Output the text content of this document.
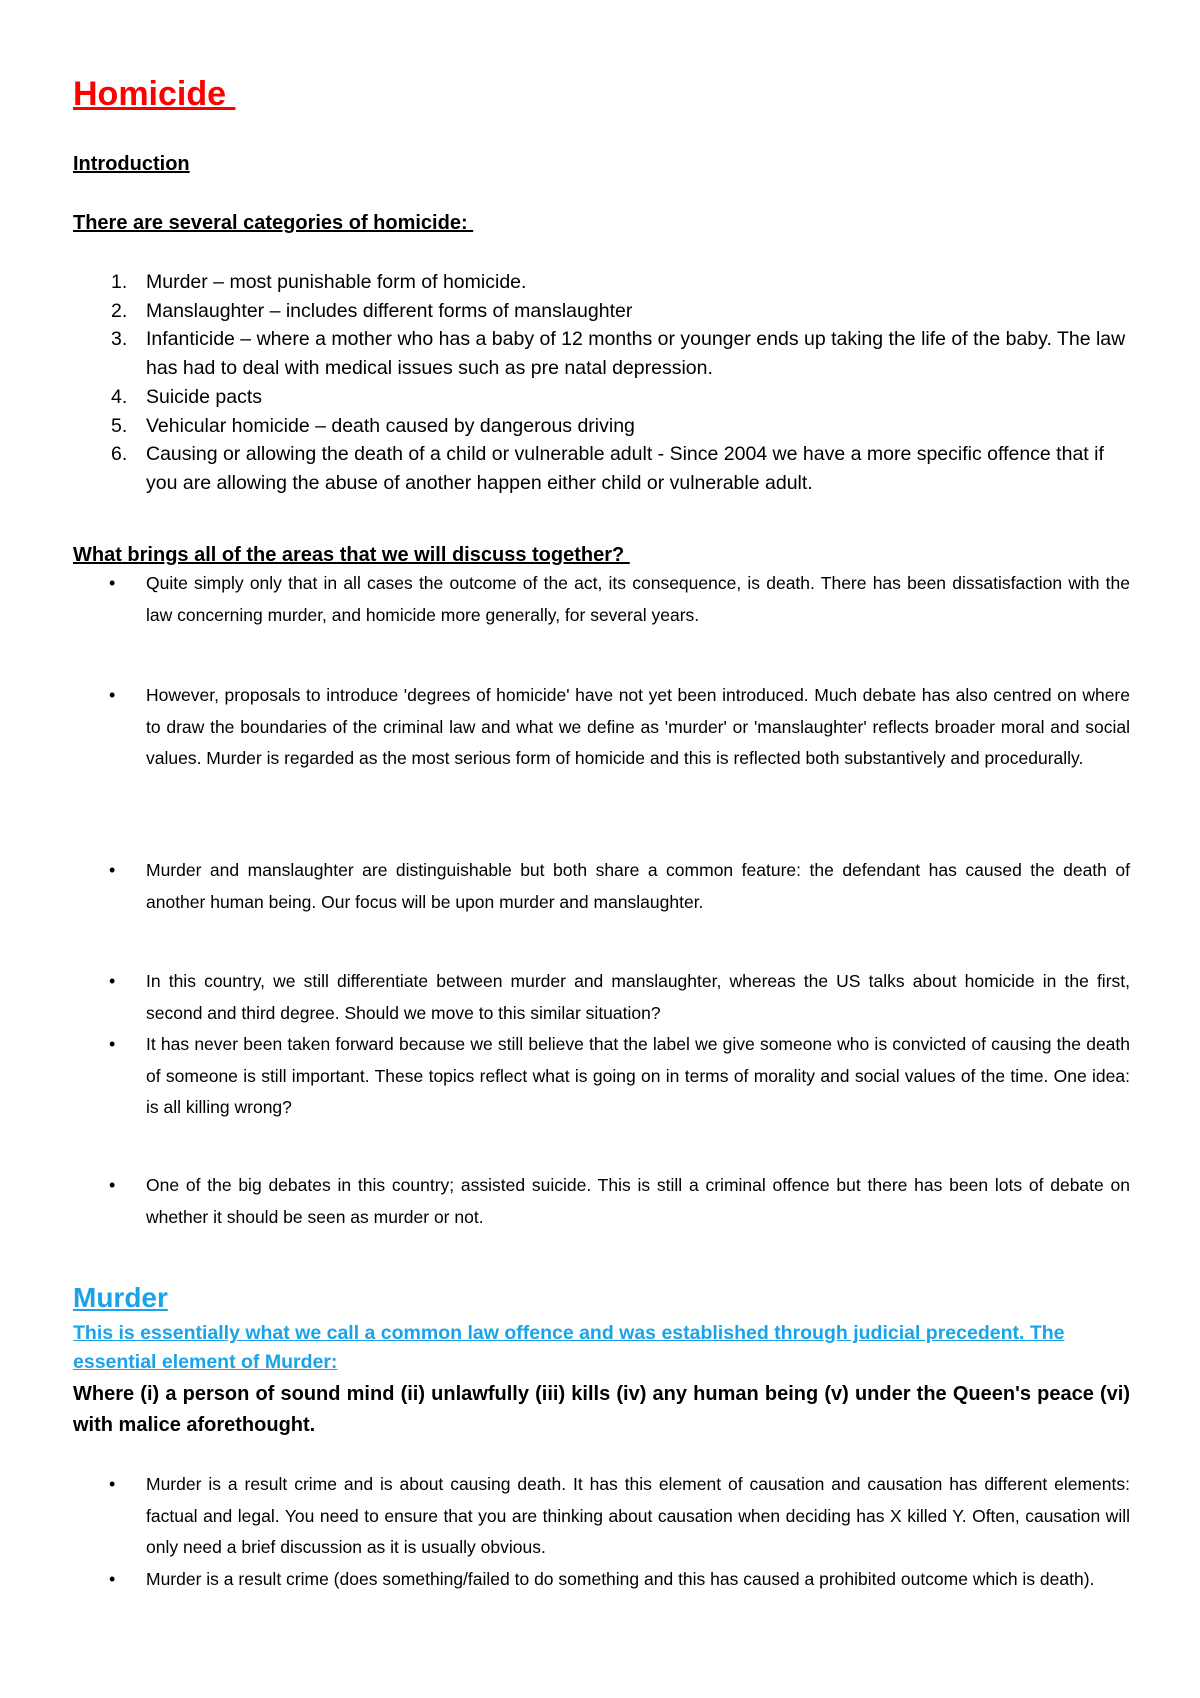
Homicide
Introduction
There are several categories of homicide:
1. Murder – most punishable form of homicide.
2. Manslaughter – includes different forms of manslaughter
3. Infanticide – where a mother who has a baby of 12 months or younger ends up taking the life of the baby. The law has had to deal with medical issues such as pre natal depression.
4. Suicide pacts
5. Vehicular homicide – death caused by dangerous driving
6. Causing or allowing the death of a child or vulnerable adult - Since 2004 we have a more specific offence that if you are allowing the abuse of another happen either child or vulnerable adult.
What brings all of the areas that we will discuss together?
• Quite simply only that in all cases the outcome of the act, its consequence, is death. There has been dissatisfaction with the law concerning murder, and homicide more generally, for several years.
• However, proposals to introduce 'degrees of homicide' have not yet been introduced. Much debate has also centred on where to draw the boundaries of the criminal law and what we define as 'murder' or 'manslaughter' reflects broader moral and social values. Murder is regarded as the most serious form of homicide and this is reflected both substantively and procedurally.
• Murder and manslaughter are distinguishable but both share a common feature: the defendant has caused the death of another human being. Our focus will be upon murder and manslaughter.
• In this country, we still differentiate between murder and manslaughter, whereas the US talks about homicide in the first, second and third degree. Should we move to this similar situation?
• It has never been taken forward because we still believe that the label we give someone who is convicted of causing the death of someone is still important. These topics reflect what is going on in terms of morality and social values of the time. One idea: is all killing wrong?
• One of the big debates in this country; assisted suicide. This is still a criminal offence but there has been lots of debate on whether it should be seen as murder or not.
Murder
This is essentially what we call a common law offence and was established through judicial precedent. The essential element of Murder:
Where (i) a person of sound mind (ii) unlawfully (iii) kills (iv) any human being (v) under the Queen's peace (vi) with malice aforethought.
• Murder is a result crime and is about causing death. It has this element of causation and causation has different elements: factual and legal. You need to ensure that you are thinking about causation when deciding has X killed Y. Often, causation will only need a brief discussion as it is usually obvious.
• Murder is a result crime (does something/failed to do something and this has caused a prohibited outcome which is death).
